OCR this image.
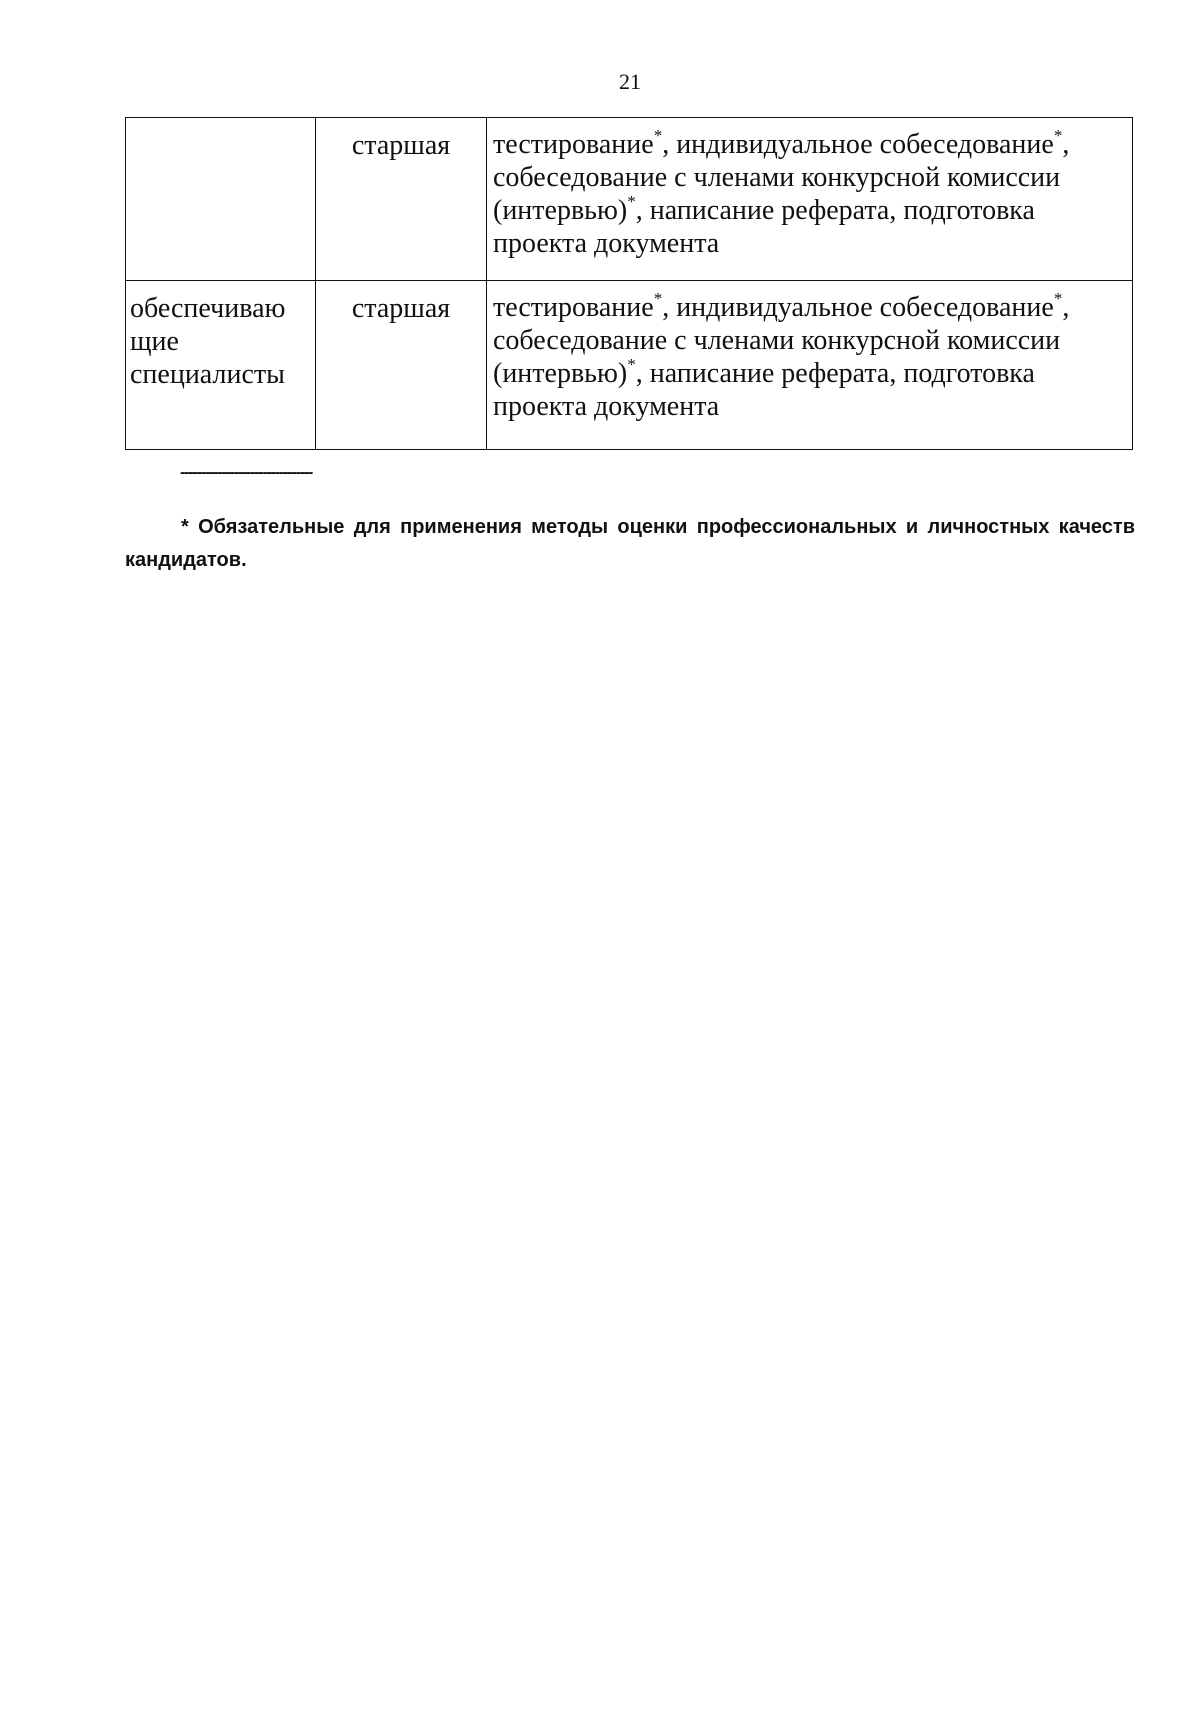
21
	старшая	тестирование*, индивидуальное собеседование*,
собеседование с членами конкурсной комиссии
(интервью)*, написание реферата, подготовка
проекта документа

обеспечиваю
щие
специалисты	старшая	тестирование*, индивидуальное собеседование*,
собеседование с членами конкурсной комиссии
(интервью)*, написание реферата, подготовка
проекта документа
--------------------------------
* Обязательные для применения методы оценки профессиональных и личностных качеств
кандидатов.
